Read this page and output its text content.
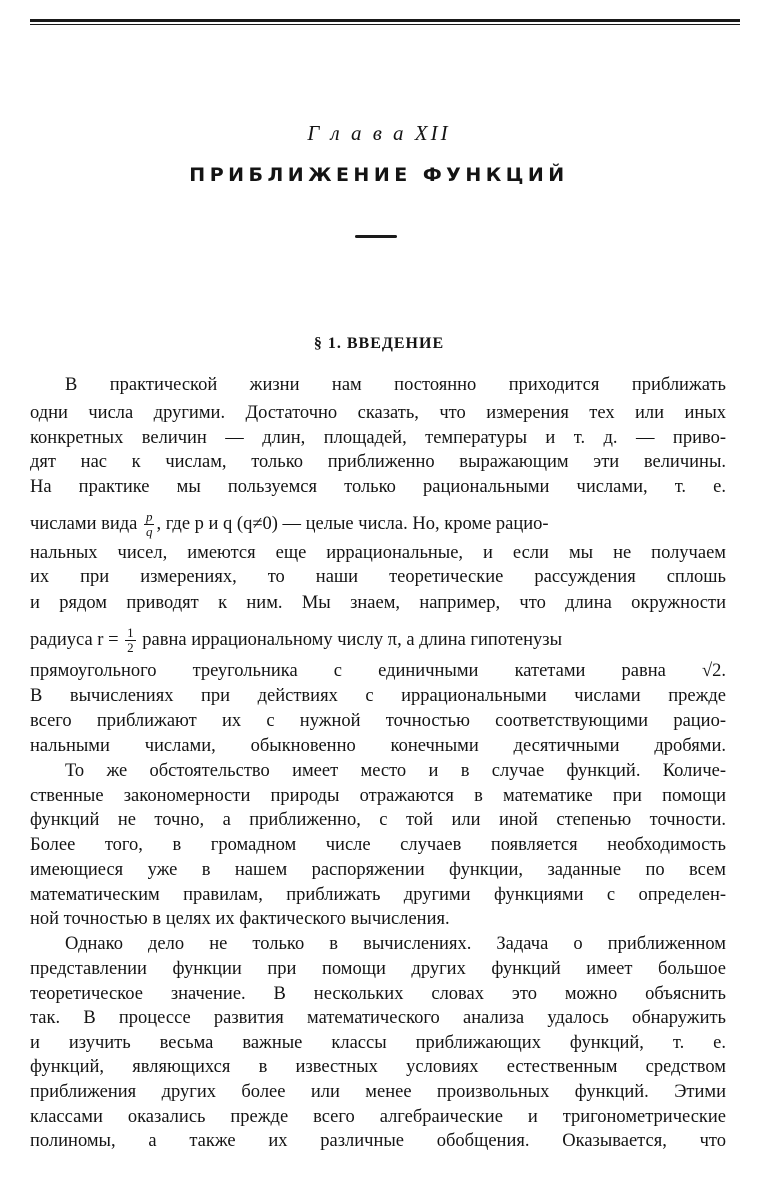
Г л а в а XII
ПРИБЛИЖЕНИЕ ФУНКЦИЙ
§ 1. ВВЕДЕНИЕ
В практической жизни нам постоянно приходится приближать
одни числа другими. Достаточно сказать, что измерения тех или иных
конкретных величин — длин, площадей, температуры и т. д. — приво-
дят нас к числам, только приближенно выражающим эти величины.
На практике мы пользуемся только рациональными числами, т. е.
числами вида $\frac{p}{q}$ , где p и q (q≠0) — целые числа. Но, кроме рацио-
нальных чисел, имеются еще иррациональные, и если мы не получаем
их при измерениях, то наши теоретические рассуждения сплошь
и рядом приводят к ним. Мы знаем, например, что длина окружности
радиуса $r = \frac{1}{2}$ равна иррациональному числу π, а длина гипотенузы
прямоугольного треугольника с единичными катетами равна √2.
В вычислениях при действиях с иррациональными числами прежде
всего приближают их с нужной точностью соответствующими рацио-
нальными числами, обыкновенно конечными десятичными дробями.
То же обстоятельство имеет место и в случае функций. Количе-
ственные закономерности природы отражаются в математике при помощи
функций не точно, а приближенно, с той или иной степенью точности.
Более того, в громадном числе случаев появляется необходимость
имеющиеся уже в нашем распоряжении функции, заданные по всем
математическим правилам, приближать другими функциями с определен-
ной точностью в целях их фактического вычисления.
Однако дело не только в вычислениях. Задача о приближенном
представлении функции при помощи других функций имеет большое
теоретическое значение. В нескольких словах это можно объяснить
так. В процессе развития математического анализа удалось обнаружить
и изучить весьма важные классы приближающих функций, т. е.
функций, являющихся в известных условиях естественным средством
приближения других более или менее произвольных функций. Этими
классами оказались прежде всего алгебраические и тригонометрические
полиномы, а также их различные обобщения. Оказывается, что
